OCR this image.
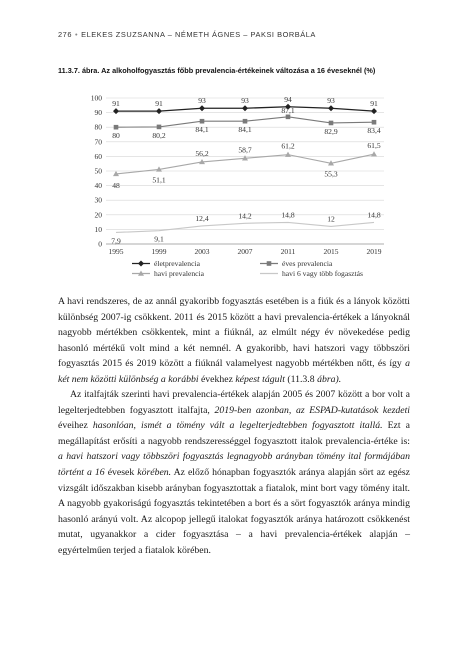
276 • ELEKES ZSUZSANNA – NÉMETH ÁGNES – PAKSI BORBÁLA
11.3.7. ábra. Az alkoholfogyasztás főbb prevalencia-értékeinek változása a 16 éveseknél (%)
0
10
20
30
40
50
60
70
80
90
100
1995	1999	2003	2007	2011	2015	2019
91	91	93	93	94	93	91
80	80,2
84,1	84,1
87,1
82,9	83,4
48
51,1
56,2	58,7	61,2
55,3
61,5
7,9	9,1
12,4	14,2	14,8	12	14,8
életprevalencia	éves prevalencia
havi prevalencia	havi 6 vagy több fogasztás

A havi rendszeres, de az annál gyakoribb fogyasztás esetében is a fiúk és a lányok közötti különbség 2007-ig csökkent. 2011 és 2015 között a havi prevalencia-értékek a lányoknál nagyobb mértékben csökkentek, mint a fiúknál, az elmúlt négy év növekedése pedig hasonló mértékű volt mind a két nemnél. A gyakoribb, havi hatszori vagy többszöri fogyasztás 2015 és 2019 között a fiúknál valamelyest nagyobb mértékben nőtt, és így a két nem közötti különbség a korábbi évekhez képest tágult (11.3.8 ábra).

Az italfajták szerinti havi prevalencia-értékek alapján 2005 és 2007 között a bor volt a legelterjedtebben fogyasztott italfajta, 2019-ben azonban, az ESPAD-kutatások kezdeti éveihez hasonlóan, ismét a tömény vált a legelterjedtebben fogyasztott itallá. Ezt a megállapítást erősíti a nagyobb rendszerességgel fogyasztott italok prevalencia-értéke is: a havi hatszori vagy többszöri fogyasztás legnagyobb arányban tömény ital formájában történt a 16 évesek körében. Az előző hónapban fogyasztók aránya alapján sört az egész vizsgált időszakban kisebb arányban fogyasztottak a fiatalok, mint bort vagy tömény italt. A nagyobb gyakoriságú fogyasztás tekintetében a bort és a sört fogyasztók aránya mindig hasonló arányú volt. Az alcopop jellegű italokat fogyasztók aránya határozott csökkenést mutat, ugyanakkor a cider fogyasztása – a havi prevalencia-értékek alapján – egyértelműen terjed a fiatalok körében.
